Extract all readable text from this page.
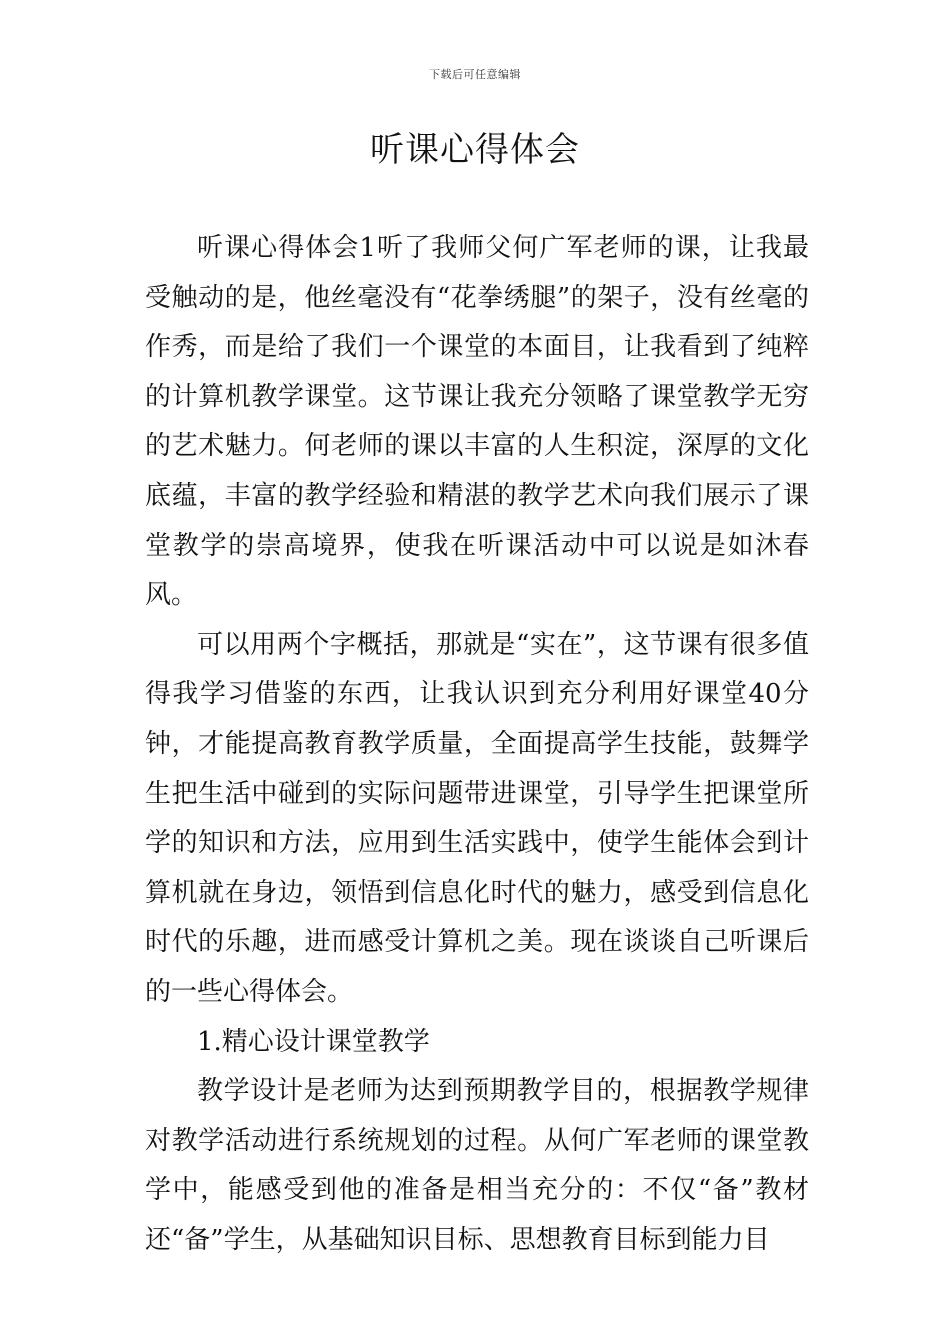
下载后可任意编辑
听课心得体会

听课心得体会1听了我师父何广军老师的课，让我最受触动的是，他丝毫没有“花拳绣腿”的架子，没有丝毫的作秀，而是给了我们一个课堂的本面目，让我看到了纯粹的计算机教学课堂。这节课让我充分领略了课堂教学无穷的艺术魅力。何老师的课以丰富的人生积淀，深厚的文化底蕴，丰富的教学经验和精湛的教学艺术向我们展示了课堂教学的崇高境界，使我在听课活动中可以说是如沐春风。

可以用两个字概括，那就是“实在”，这节课有很多值得我学习借鉴的东西，让我认识到充分利用好课堂40分钟，才能提高教育教学质量，全面提高学生技能，鼓舞学生把生活中碰到的实际问题带进课堂，引导学生把课堂所学的知识和方法，应用到生活实践中，使学生能体会到计算机就在身边，领悟到信息化时代的魅力，感受到信息化时代的乐趣，进而感受计算机之美。现在谈谈自己听课后的一些心得体会。

1.精心设计课堂教学

教学设计是老师为达到预期教学目的，根据教学规律对教学活动进行系统规划的过程。从何广军老师的课堂教学中，能感受到他的准备是相当充分的：不仅“备”教材还“备”学生，从基础知识目标、思想教育目标到能力目
